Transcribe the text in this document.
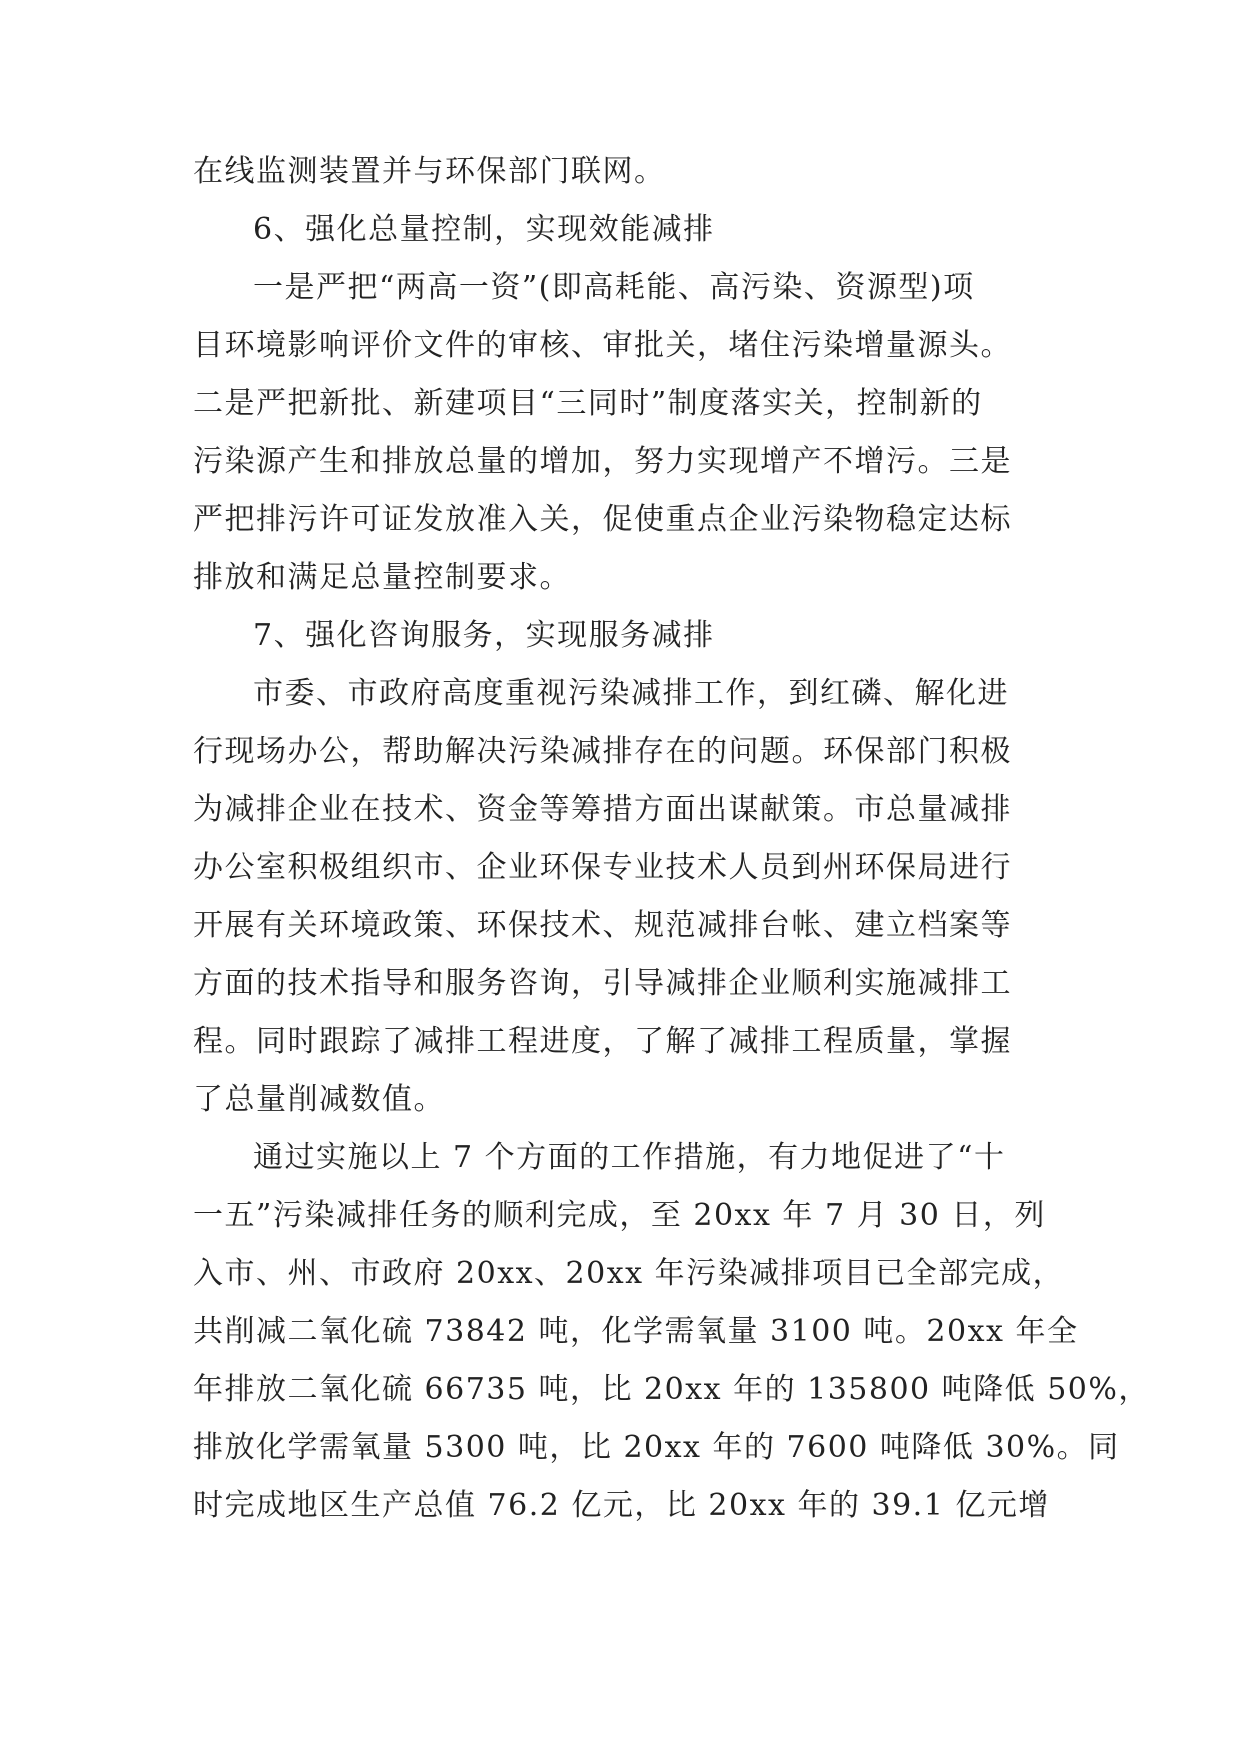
在线监测装置并与环保部门联网。
6、强化总量控制，实现效能减排
一是严把“两高一资”(即高耗能、高污染、资源型)项
目环境影响评价文件的审核、审批关，堵住污染增量源头。
二是严把新批、新建项目“三同时”制度落实关，控制新的
污染源产生和排放总量的增加，努力实现增产不增污。三是
严把排污许可证发放准入关，促使重点企业污染物稳定达标
排放和满足总量控制要求。
7、强化咨询服务，实现服务减排
市委、市政府高度重视污染减排工作，到红磷、解化进
行现场办公，帮助解决污染减排存在的问题。环保部门积极
为减排企业在技术、资金等筹措方面出谋献策。市总量减排
办公室积极组织市、企业环保专业技术人员到州环保局进行
开展有关环境政策、环保技术、规范减排台帐、建立档案等
方面的技术指导和服务咨询，引导减排企业顺利实施减排工
程。同时跟踪了减排工程进度，了解了减排工程质量，掌握
了总量削减数值。
通过实施以上 7 个方面的工作措施，有力地促进了“十
一五”污染减排任务的顺利完成，至 20xx 年 7 月 30 日，列
入市、州、市政府 20xx、20xx 年污染减排项目已全部完成，
共削减二氧化硫 73842 吨，化学需氧量 3100 吨。20xx 年全
年排放二氧化硫 66735 吨，比 20xx 年的 135800 吨降低 50%，
排放化学需氧量 5300 吨，比 20xx 年的 7600 吨降低 30%。同
时完成地区生产总值 76.2 亿元，比 20xx 年的 39.1 亿元增
